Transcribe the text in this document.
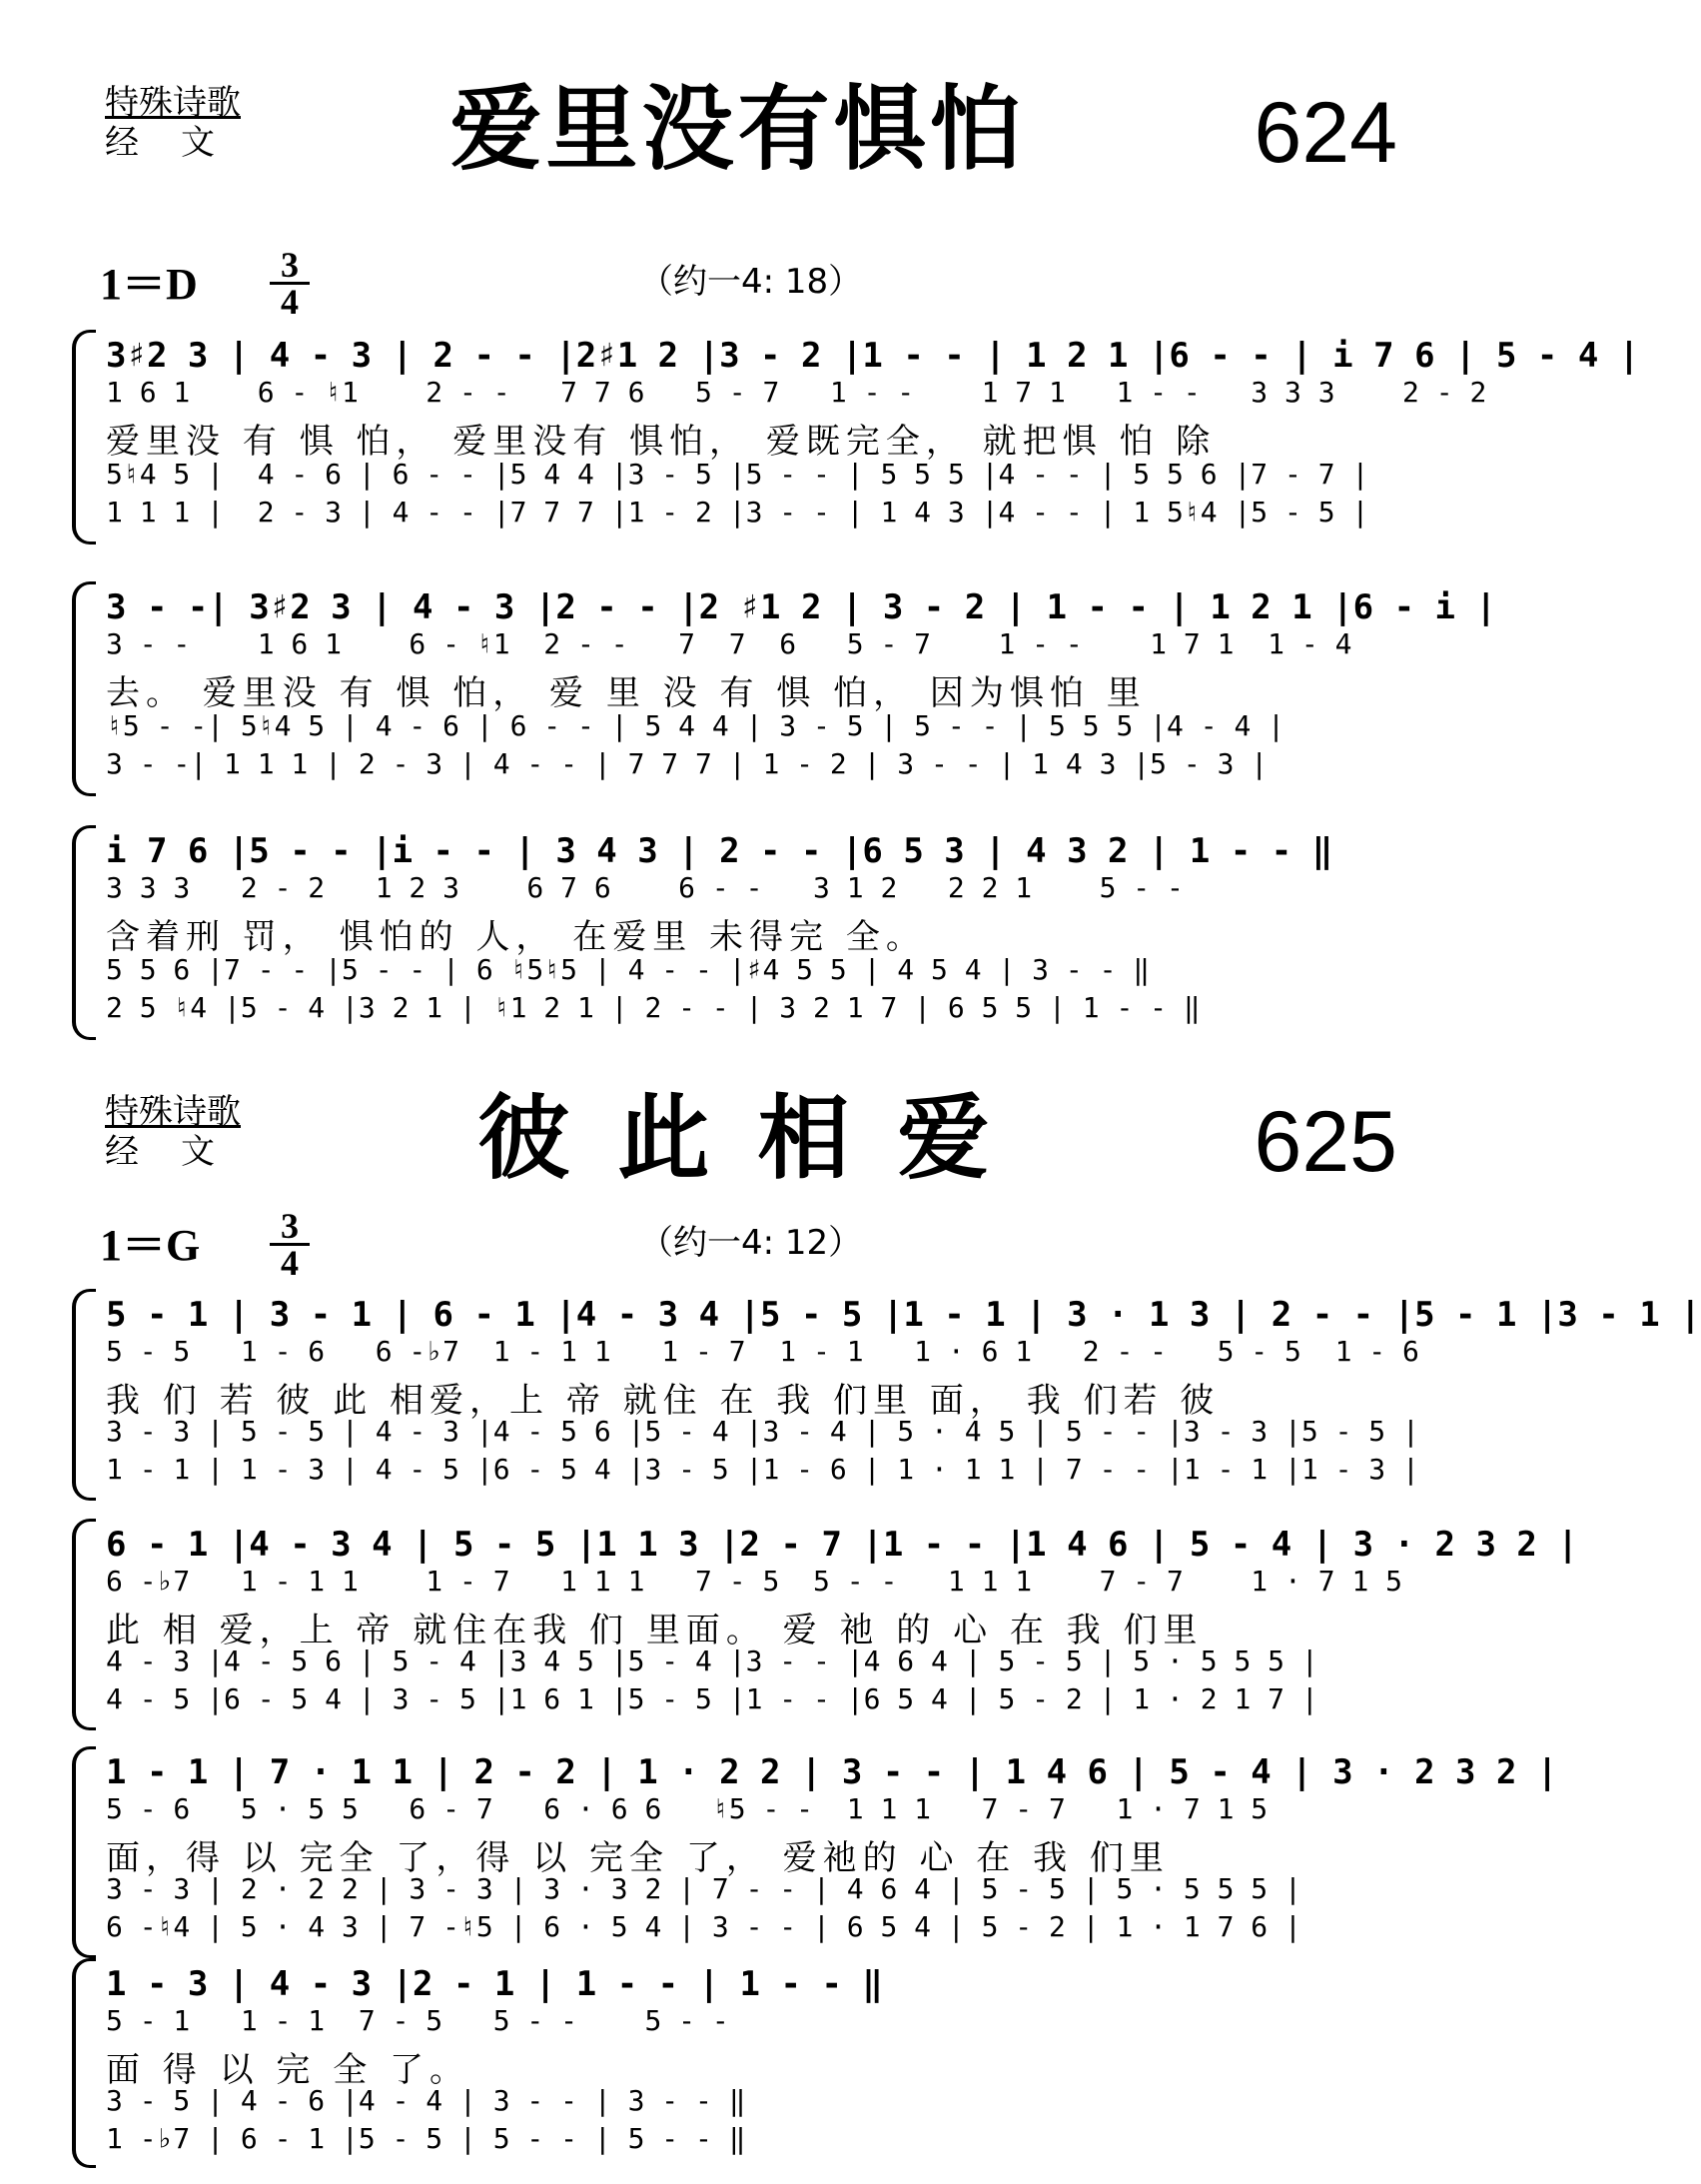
特殊诗歌
经文	爱里没有惧怕	624
$1=D \frac{3}{4}$	（约一4: 18）
3♯2 3 | 4 - 3 | 2 - - |2♯1 2 |3 - 2 |1 - - | 1 2 1 |6 - - | i 7 6 | 5 - 4 |
1 6 1    6 - ♮1    2 - -   7 7 6   5 - 7   1 - -    1 7 1   1 - -   3 3 3    2 - 2
爱里没 有 惧 怕， 爱里没有 惧怕， 爱既完全， 就把惧 怕 除
5♮4 5 |  4 - 6 | 6 - - |5 4 4 |3 - 5 |5 - - | 5 5 5 |4 - - | 5 5 6 |7 - 7 |
1 1 1 |  2 - 3 | 4 - - |7 7 7 |1 - 2 |3 - - | 1 4 3 |4 - - | 1 5♮4 |5 - 5 |
3 - -| 3♯2 3 | 4 - 3 |2 - - |2 ♯1 2 | 3 - 2 | 1 - - | 1 2 1 |6 - i |
3 - -    1 6 1    6 - ♮1  2 - -   7  7  6   5 - 7    1 - -    1 7 1  1 - 4
去。 爱里没 有 惧 怕， 爱 里 没 有 惧 怕， 因为惧怕 里
♮5 - -| 5♮4 5 | 4 - 6 | 6 - - | 5 4 4 | 3 - 5 | 5 - - | 5 5 5 |4 - 4 |
3 - -| 1 1 1 | 2 - 3 | 4 - - | 7 7 7 | 1 - 2 | 3 - - | 1 4 3 |5 - 3 |
i 7 6 |5 - - |i - - | 3 4 3 | 2 - - |6 5 3 | 4 3 2 | 1 - - ‖
3 3 3   2 - 2   1 2 3    6 7 6    6 - -   3 1 2   2 2 1    5 - -
含着刑 罚， 惧怕的 人， 在爱里 未得完 全。
5 5 6 |7 - - |5 - - | 6 ♮5♮5 | 4 - - |♯4 5 5 | 4 5 4 | 3 - - ‖
2 5 ♮4 |5 - 4 |3 2 1 | ♮1 2 1 | 2 - - | 3 2 1 7 | 6 5 5 | 1 - - ‖
特殊诗歌
经文	彼 此 相 爱	625
$1=G \frac{3}{4}$	（约一4: 12）
5 - 1 | 3 - 1 | 6 - 1 |4 - 3 4 |5 - 5 |1 - 1 | 3 · 1 3 | 2 - - |5 - 1 |3 - 1 |
5 - 5   1 - 6   6 -♭7  1 - 1 1   1 - 7  1 - 1   1 · 6 1   2 - -   5 - 5  1 - 6
我 们 若 彼 此 相爱，上 帝 就住 在 我 们里 面， 我 们若 彼
3 - 3 | 5 - 5 | 4 - 3 |4 - 5 6 |5 - 4 |3 - 4 | 5 · 4 5 | 5 - - |3 - 3 |5 - 5 |
1 - 1 | 1 - 3 | 4 - 5 |6 - 5 4 |3 - 5 |1 - 6 | 1 · 1 1 | 7 - - |1 - 1 |1 - 3 |
6 - 1 |4 - 3 4 | 5 - 5 |1 1 3 |2 - 7 |1 - - |1 4 6 | 5 - 4 | 3 · 2 3 2 |
6 -♭7   1 - 1 1    1 - 7   1 1 1   7 - 5  5 - -   1 1 1    7 - 7    1 · 7 1 5
此 相 爱，上 帝 就住在我 们 里面。 爱 祂 的 心 在 我 们里
4 - 3 |4 - 5 6 | 5 - 4 |3 4 5 |5 - 4 |3 - - |4 6 4 | 5 - 5 | 5 · 5 5 5 |
4 - 5 |6 - 5 4 | 3 - 5 |1 6 1 |5 - 5 |1 - - |6 5 4 | 5 - 2 | 1 · 2 1 7 |
1 - 1 | 7 · 1 1 | 2 - 2 | 1 · 2 2 | 3 - - | 1 4 6 | 5 - 4 | 3 · 2 3 2 |
5 - 6   5 · 5 5   6 - 7   6 · 6 6   ♮5 - -  1 1 1   7 - 7   1 · 7 1 5
面，得 以 完全 了，得 以 完全 了， 爱祂的 心 在 我 们里
3 - 3 | 2 · 2 2 | 3 - 3 | 3 · 3 2 | 7 - - | 4 6 4 | 5 - 5 | 5 · 5 5 5 |
6 -♮4 | 5 · 4 3 | 7 -♮5 | 6 · 5 4 | 3 - - | 6 5 4 | 5 - 2 | 1 · 1 7 6 |
1 - 3 | 4 - 3 |2 - 1 | 1 - - | 1 - - ‖
5 - 1   1 - 1  7 - 5   5 - -    5 - -
面 得 以 完 全 了。
3 - 5 | 4 - 6 |4 - 4 | 3 - - | 3 - - ‖
1 -♭7 | 6 - 1 |5 - 5 | 5 - - | 5 - - ‖
